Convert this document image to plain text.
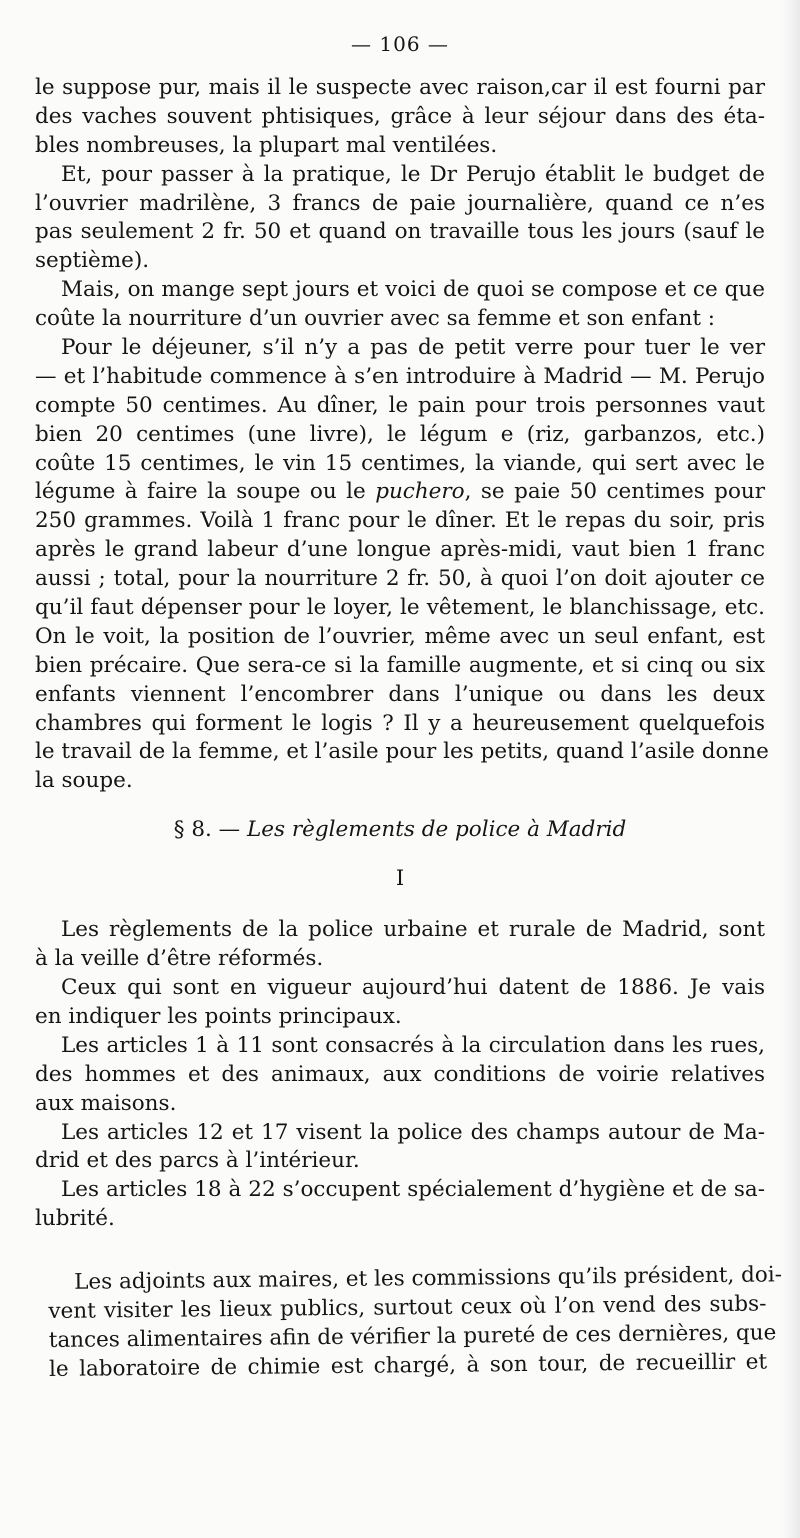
— 106 —
le suppose pur, mais il le suspecte avec raison,car il est fourni par
des vaches souvent phtisiques, grâce à leur séjour dans des éta-
bles nombreuses, la plupart mal ventilées.
Et, pour passer à la pratique, le Dr Perujo établit le budget de
l’ouvrier madrilène, 3 francs de paie journalière, quand ce n’es
pas seulement 2 fr. 50 et quand on travaille tous les jours (sauf le
septième).
Mais, on mange sept jours et voici de quoi se compose et ce que
coûte la nourriture d’un ouvrier avec sa femme et son enfant :
Pour le déjeuner, s’il n’y a pas de petit verre pour tuer le ver
— et l’habitude commence à s’en introduire à Madrid — M. Perujo
compte 50 centimes. Au dîner, le pain pour trois personnes vaut
bien 20 centimes (une livre), le légum e (riz, garbanzos, etc.)
coûte 15 centimes, le vin 15 centimes, la viande, qui sert avec le
légume à faire la soupe ou le puchero, se paie 50 centimes pour
250 grammes. Voilà 1 franc pour le dîner. Et le repas du soir, pris
après le grand labeur d’une longue après-midi, vaut bien 1 franc
aussi ; total, pour la nourriture 2 fr. 50, à quoi l’on doit ajouter ce
qu’il faut dépenser pour le loyer, le vêtement, le blanchissage, etc.
On le voit, la position de l’ouvrier, même avec un seul enfant, est
bien précaire. Que sera-ce si la famille augmente, et si cinq ou six
enfants viennent l’encombrer dans l’unique ou dans les deux
chambres qui forment le logis ? Il y a heureusement quelquefois
le travail de la femme, et l’asile pour les petits, quand l’asile donne
la soupe.
§ 8. — Les règlements de police à Madrid
I
Les règlements de la police urbaine et rurale de Madrid, sont
à la veille d’être réformés.
Ceux qui sont en vigueur aujourd’hui datent de 1886. Je vais
en indiquer les points principaux.
Les articles 1 à 11 sont consacrés à la circulation dans les rues,
des hommes et des animaux, aux conditions de voirie relatives
aux maisons.
Les articles 12 et 17 visent la police des champs autour de Ma-
drid et des parcs à l’intérieur.
Les articles 18 à 22 s’occupent spécialement d’hygiène et de sa-
lubrité.
Les adjoints aux maires, et les commissions qu’ils président, doi-
vent visiter les lieux publics, surtout ceux où l’on vend des subs-
tances alimentaires afin de vérifier la pureté de ces dernières, que
le laboratoire de chimie est chargé, à son tour, de recueillir et
